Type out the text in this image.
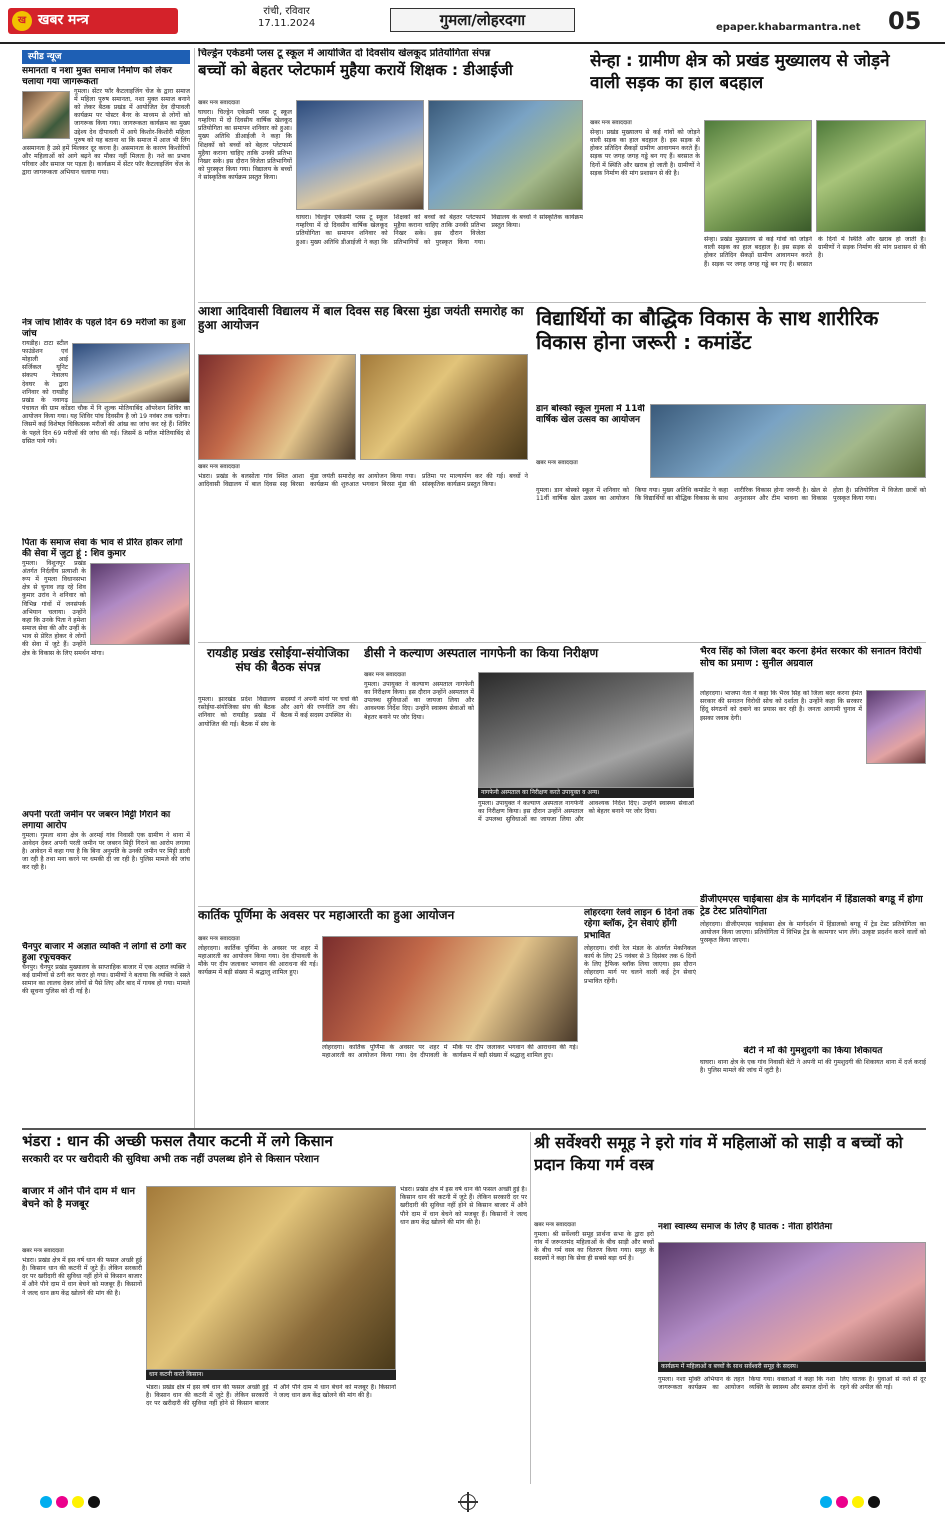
ख खबर मन्त्र
रांची, रविवार
17.11.2024	गुमला/लोहरदगा	epaper.khabarmantra.net 05
स्पीड न्यूज
समानता व नशा मुक्त समाज निर्माण को लेकर चलाया गया जागरूकता
गुमला। सेंटर फॉर कैटलाइजिंग चेंज के द्वारा समाज में महिला पुरुष समानता, नशा मुक्त समाज बनाने को लेकर बैठक प्रखंड में आयोजित देव दीपावली कार्यक्रम पर पोस्टर बैनर के माध्यम से लोगों को जागरूक किया गया। जागरूकता कार्यक्रम का मुख्य उद्देश्य देव दीपावली में आये किशोर-किशोरी महिला पुरुष को यह बताना था कि समाज में आज भी लिंग असमानता है उसे हमें मिलकर दूर करना है। असमानता के कारण किशोरियों और महिलाओं को आगे बढ़ने का मौका नहीं मिलता है। नशे का प्रभाव परिवार और समाज पर पड़ता है। कार्यक्रम में सेंटर फॉर कैटलाइजिंग चेंज के द्वारा जागरूकता अभियान चलाया गया।
नेत्र जांच शिविर के पहले दिन 69 मरीजों का हुआ जांच
रायडीह। टाटा स्टील फाउंडेशन एवं मोहाली आई सर्जिकल यूनिट संकल्प नेत्रालय देवघर के द्वारा शनिवार को रायडीह प्रखंड के नवागढ़ पंचायत की ग्राम कोंडरा चौक में नि शुल्क मोतियाबिंद ऑपरेशन शिविर का आयोजन किया गया। यह शिविर पांच दिवसीय है जो 19 नवंबर तक चलेगा। जिसमें कई विशेषज्ञ चिकित्सक मरीजों की आंख का जांच कर रहे हैं। शिविर के पहले दिन 69 मरीजों की जांच की गई। जिसमें 8 मरीज मोतियाबिंद से ग्रसित पाये गये।
पिता के समाज सेवा के भाव से प्रेरित होकर लोगों की सेवा में जुटा हूं : शिव कुमार
गुमला। विशुनपुर प्रखंड अंतर्गत निर्दलीय प्रत्याशी के रूप में गुमला विधानसभा क्षेत्र से चुनाव लड़ रहे शिव कुमार उरांव ने शनिवार को विभिन्न गांवों में जनसंपर्क अभियान चलाया। उन्होंने कहा कि उनके पिता ने हमेशा समाज सेवा की और उन्हीं के भाव से प्रेरित होकर वे लोगों की सेवा में जुटे हैं। उन्होंने क्षेत्र के विकास के लिए समर्थन मांगा।
अपनी परती जमीन पर जबरन मिट्टी गिराने का लगाया आरोप
गुमला। गुमला थाना क्षेत्र के अरमई गांव निवासी एक ग्रामीण ने थाना में आवेदन देकर अपनी परती जमीन पर जबरन मिट्टी गिराने का आरोप लगाया है। आवेदन में कहा गया है कि बिना अनुमति के उनकी जमीन पर मिट्टी डाली जा रही है तथा मना करने पर धमकी दी जा रही है। पुलिस मामले की जांच कर रही है।
चैनपुर बाजार में अज्ञात व्यक्ति ने लोगों से ठगी कर हुआ रफूचक्कर
चैनपुर। चैनपुर प्रखंड मुख्यालय के साप्ताहिक बाजार में एक अज्ञात व्यक्ति ने कई ग्रामीणों से ठगी कर फरार हो गया। ग्रामीणों ने बताया कि व्यक्ति ने सस्ते सामान का लालच देकर लोगों से पैसे लिए और बाद में गायब हो गया। मामले की सूचना पुलिस को दी गई है।
चिल्ड्रेन एकेडमी प्लस टू स्कूल में आयोजित दो दिवसीय खेलकूद प्रतियोगिता संपन्न
बच्चों को बेहतर प्लेटफार्म मुहैया करायें शिक्षक : डीआईजी
खबर मन्त्र संवाददाता
घाघरा। चिल्ड्रेन एकेडमी प्लस टू स्कूल गम्हरिया में दो दिवसीय वार्षिक खेलकूद प्रतियोगिता का समापन शनिवार को हुआ। मुख्य अतिथि डीआईजी ने कहा कि शिक्षकों को बच्चों को बेहतर प्लेटफार्म मुहैया कराना चाहिए ताकि उनकी प्रतिभा निखर सके। इस दौरान विजेता प्रतिभागियों को पुरस्कृत किया गया। विद्यालय के बच्चों ने सांस्कृतिक कार्यक्रम प्रस्तुत किया।
घाघरा। चिल्ड्रेन एकेडमी प्लस टू स्कूल गम्हरिया में दो दिवसीय वार्षिक खेलकूद प्रतियोगिता का समापन शनिवार को हुआ। मुख्य अतिथि डीआईजी ने कहा कि शिक्षकों को बच्चों को बेहतर प्लेटफार्म मुहैया कराना चाहिए ताकि उनकी प्रतिभा निखर सके। इस दौरान विजेता प्रतिभागियों को पुरस्कृत किया गया। विद्यालय के बच्चों ने सांस्कृतिक कार्यक्रम प्रस्तुत किया।
सेन्हा : ग्रामीण क्षेत्र को प्रखंड मुख्यालय से जोड़ने वाली सड़क का हाल बदहाल
खबर मन्त्र संवाददाता
सेन्हा। प्रखंड मुख्यालय से कई गांवों को जोड़ने वाली सड़क का हाल बदहाल है। इस सड़क से होकर प्रतिदिन सैकड़ों ग्रामीण आवागमन करते हैं। सड़क पर जगह जगह गड्ढे बन गए हैं। बरसात के दिनों में स्थिति और खराब हो जाती है। ग्रामीणों ने सड़क निर्माण की मांग प्रशासन से की है।
सेन्हा। प्रखंड मुख्यालय से कई गांवों को जोड़ने वाली सड़क का हाल बदहाल है। इस सड़क से होकर प्रतिदिन सैकड़ों ग्रामीण आवागमन करते हैं। सड़क पर जगह जगह गड्ढे बन गए हैं। बरसात के दिनों में स्थिति और खराब हो जाती है। ग्रामीणों ने सड़क निर्माण की मांग प्रशासन से की है।
आशा आदिवासी विद्यालय में बाल दिवस सह बिरसा मुंडा जयंती समारोह का हुआ आयोजन
खबर मन्त्र संवाददाता
भंडरा। प्रखंड के बलसोता गांव स्थित आशा आदिवासी विद्यालय में बाल दिवस सह बिरसा मुंडा जयंती समारोह का आयोजन किया गया। कार्यक्रम की शुरुआत भगवान बिरसा मुंडा की प्रतिमा पर माल्यार्पण कर की गई। बच्चों ने सांस्कृतिक कार्यक्रम प्रस्तुत किया।
विद्यार्थियों का बौद्धिक विकास के साथ शारीरिक विकास होना जरूरी : कमांडेंट
डान बोस्को स्कूल गुमला में 11वीं वार्षिक खेल उत्सव का आयोजन
खबर मन्त्र संवाददाता
गुमला। डान बोस्को स्कूल में शनिवार को 11वीं वार्षिक खेल उत्सव का आयोजन किया गया। मुख्य अतिथि कमांडेंट ने कहा कि विद्यार्थियों का बौद्धिक विकास के साथ शारीरिक विकास होना जरूरी है। खेल से अनुशासन और टीम भावना का विकास होता है। प्रतियोगिता में विजेता छात्रों को पुरस्कृत किया गया।
रायडीह प्रखंड रसोईया-संयोजिका संघ की बैठक संपन्न
गुमला। झारखंड प्रदेश विद्यालय रसोईया-संयोजिका संघ की बैठक शनिवार को रायडीह प्रखंड में आयोजित की गई। बैठक में संघ के सदस्यों ने अपनी मांगों पर चर्चा की और आगे की रणनीति तय की। बैठक में कई सदस्य उपस्थित थे।
डीसी ने कल्याण अस्पताल नागफेनी का किया निरीक्षण
खबर मन्त्र संवाददाता
गुमला। उपायुक्त ने कल्याण अस्पताल नागफेनी का निरीक्षण किया। इस दौरान उन्होंने अस्पताल में उपलब्ध सुविधाओं का जायजा लिया और आवश्यक निर्देश दिए। उन्होंने स्वास्थ्य सेवाओं को बेहतर बनाने पर जोर दिया।
नागफेनी अस्पताल का निरीक्षण करते उपायुक्त व अन्य।
गुमला। उपायुक्त ने कल्याण अस्पताल नागफेनी का निरीक्षण किया। इस दौरान उन्होंने अस्पताल में उपलब्ध सुविधाओं का जायजा लिया और आवश्यक निर्देश दिए। उन्होंने स्वास्थ्य सेवाओं को बेहतर बनाने पर जोर दिया।
भैरव सिंह को जिला बदर करना हेमंत सरकार की सनातन विरोधी सोच का प्रमाण : सुनील अग्रवाल
लोहरदगा। भाजपा नेता ने कहा कि भैरव सिंह को जिला बदर करना हेमंत सरकार की सनातन विरोधी सोच को दर्शाता है। उन्होंने कहा कि सरकार हिंदू संगठनों को दबाने का प्रयास कर रही है। जनता आगामी चुनाव में इसका जवाब देगी।
कार्तिक पूर्णिमा के अवसर पर महाआरती का हुआ आयोजन
खबर मन्त्र संवाददाता
लोहरदगा। कार्तिक पूर्णिमा के अवसर पर शहर में महाआरती का आयोजन किया गया। देव दीपावली के मौके पर दीप जलाकर भगवान की आराधना की गई। कार्यक्रम में बड़ी संख्या में श्रद्धालु शामिल हुए।
लोहरदगा। कार्तिक पूर्णिमा के अवसर पर शहर में महाआरती का आयोजन किया गया। देव दीपावली के मौके पर दीप जलाकर भगवान की आराधना की गई। कार्यक्रम में बड़ी संख्या में श्रद्धालु शामिल हुए।
लोहरदगा रेलवे लाइन 6 दिनों तक रहेगा ब्लॉक, ट्रेन सेवाएं होंगी प्रभावित
लोहरदगा। रांची रेल मंडल के अंतर्गत मेकनिकल कार्य के लिए 25 नवंबर से 3 दिसंबर तक 6 दिनों के लिए ट्रैफिक ब्लॉक लिया जाएगा। इस दौरान लोहरदगा मार्ग पर चलने वाली कई ट्रेन सेवाएं प्रभावित रहेंगी।
डीजीएमएस चाईबासा क्षेत्र के मार्गदर्शन में हिंडालको बगडू में होगा ट्रेड टेस्ट प्रतियोगिता
लोहरदगा। डीजीएमएस चाईबासा क्षेत्र के मार्गदर्शन में हिंडालको बगडू में ट्रेड टेस्ट प्रतियोगिता का आयोजन किया जाएगा। प्रतियोगिता में विभिन्न ट्रेड के कामगार भाग लेंगे। उत्कृष्ट प्रदर्शन करने वालों को पुरस्कृत किया जाएगा।
बेटी ने माँ की गुमशुदगी का किया शिकायत
घाघरा। थाना क्षेत्र के एक गांव निवासी बेटी ने अपनी मां की गुमशुदगी की शिकायत थाना में दर्ज कराई है। पुलिस मामले की जांच में जुटी है।
भंडरा : धान की अच्छी फसल तैयार कटनी में लगे किसान
सरकारी दर पर खरीदारी की सुविधा अभी तक नहीं उपलब्ध होने से किसान परेशान
बाजार में औने पौने दाम में धान बेचने को है मजबूर
धान कटनी करते किसान।
खबर मन्त्र संवाददाता
भंडरा। प्रखंड क्षेत्र में इस वर्ष धान की फसल अच्छी हुई है। किसान धान की कटनी में जुटे हैं। लेकिन सरकारी दर पर खरीदारी की सुविधा नहीं होने से किसान बाजार में औने पौने दाम में धान बेचने को मजबूर हैं। किसानों ने जल्द धान क्रय केंद्र खोलने की मांग की है।
भंडरा। प्रखंड क्षेत्र में इस वर्ष धान की फसल अच्छी हुई है। किसान धान की कटनी में जुटे हैं। लेकिन सरकारी दर पर खरीदारी की सुविधा नहीं होने से किसान बाजार में औने पौने दाम में धान बेचने को मजबूर हैं। किसानों ने जल्द धान क्रय केंद्र खोलने की मांग की है।
भंडरा। प्रखंड क्षेत्र में इस वर्ष धान की फसल अच्छी हुई है। किसान धान की कटनी में जुटे हैं। लेकिन सरकारी दर पर खरीदारी की सुविधा नहीं होने से किसान बाजार में औने पौने दाम में धान बेचने को मजबूर हैं। किसानों ने जल्द धान क्रय केंद्र खोलने की मांग की है।
श्री सर्वेश्वरी समूह ने इरो गांव में महिलाओं को साड़ी व बच्चों को प्रदान किया गर्म वस्त्र
खबर मन्त्र संवाददाता
गुमला। श्री सर्वेश्वरी समूह प्रार्थना सभा के द्वारा इरो गांव में जरूरतमंद महिलाओं के बीच साड़ी और बच्चों के बीच गर्म वस्त्र का वितरण किया गया। समूह के सदस्यों ने कहा कि सेवा ही सबसे बड़ा धर्म है।
नशा स्वास्थ्य समाज के लिए है घातक : नीता हरितिमा
कार्यक्रम में महिलाओं व बच्चों के साथ सर्वेश्वरी समूह के सदस्य।
गुमला। नशा मुक्ति अभियान के तहत जागरूकता कार्यक्रम का आयोजन किया गया। वक्ताओं ने कहा कि नशा व्यक्ति के स्वास्थ्य और समाज दोनों के लिए घातक है। युवाओं से नशे से दूर रहने की अपील की गई।
